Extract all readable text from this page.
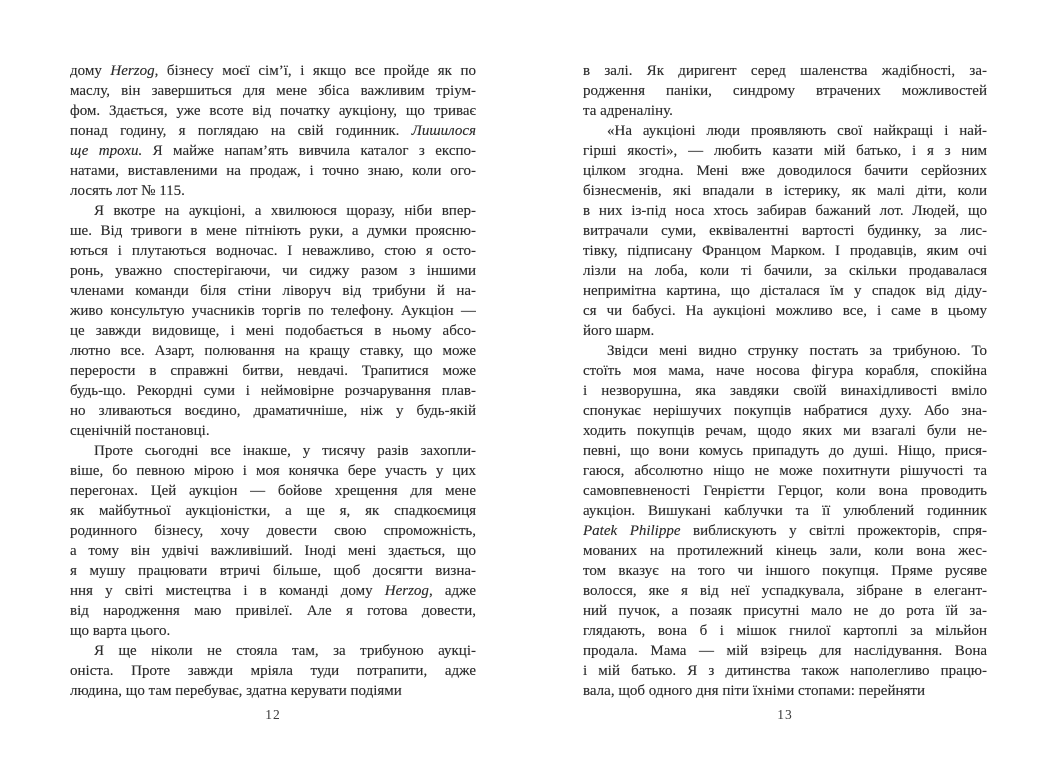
дому Herzog, бізнесу моєї сім’ї, і якщо все пройде як по
маслу, він завершиться для мене збіса важливим тріум-
фом. Здається, уже всоте від початку аукціону, що триває
понад годину, я поглядаю на свій годинник. Лишилося
ще трохи. Я майже напам’ять вивчила каталог з експо-
натами, виставленими на продаж, і точно знаю, коли ого-
лосять лот № 115.
Я вкотре на аукціоні, а хвилююся щоразу, ніби впер-
ше. Від тривоги в мене пітніють руки, а думки проясню-
ються і плутаються водночас. І неважливо, стою я осто-
ронь, уважно спостерігаючи, чи сиджу разом з іншими
членами команди біля стіни ліворуч від трибуни й на-
живо консультую учасників торгів по телефону. Аукціон —
це завжди видовище, і мені подобається в ньому абсо-
лютно все. Азарт, полювання на кращу ставку, що може
перерости в справжні битви, невдачі. Трапитися може
будь-що. Рекордні суми і неймовірне розчарування плав-
но зливаються воєдино, драматичніше, ніж у будь-якій
сценічній постановці.
Проте сьогодні все інакше, у тисячу разів захопли-
віше, бо певною мірою і моя конячка бере участь у цих
перегонах. Цей аукціон — бойове хрещення для мене
як майбутньої аукціоністки, а ще я, як спадкоємиця
родинного бізнесу, хочу довести свою спроможність,
а тому він удвічі важливіший. Іноді мені здається, що
я мушу працювати втричі більше, щоб досягти визна-
ння у світі мистецтва і в команді дому Herzog, адже
від народження маю привілеї. Але я готова довести,
що варта цього.
Я ще ніколи не стояла там, за трибуною аукці-
оніста. Проте завжди мріяла туди потрапити, адже
людина, що там перебуває, здатна керувати подіями
12
в залі. Як диригент серед шаленства жадібності, за-
родження паніки, синдрому втрачених можливостей
та адреналіну.
«На аукціоні люди проявляють свої найкращі і най-
гірші якості», — любить казати мій батько, і я з ним
цілком згодна. Мені вже доводилося бачити серйозних
бізнесменів, які впадали в істерику, як малі діти, коли
в них із-під носа хтось забирав бажаний лот. Людей, що
витрачали суми, еквівалентні вартості будинку, за лис-
тівку, підписану Францом Марком. І продавців, яким очі
лізли на лоба, коли ті бачили, за скільки продавалася
непримітна картина, що дісталася їм у спадок від діду-
ся чи бабусі. На аукціоні можливо все, і саме в цьому
його шарм.
Звідси мені видно струнку постать за трибуною. То
стоїть моя мама, наче носова фігура корабля, спокійна
і незворушна, яка завдяки своїй винахідливості вміло
спонукає нерішучих покупців набратися духу. Або зна-
ходить покупців речам, щодо яких ми взагалі були не-
певні, що вони комусь припадуть до душі. Ніщо, прися-
гаюся, абсолютно ніщо не може похитнути рішучості та
самовпевненості Генрієтти Герцог, коли вона проводить
аукціон. Вишукані каблучки та її улюблений годинник
Patek Philippe виблискують у світлі прожекторів, спря-
мованих на протилежний кінець зали, коли вона жес-
том вказує на того чи іншого покупця. Пряме русяве
волосся, яке я від неї успадкувала, зібране в елегант-
ний пучок, а позаяк присутні мало не до рота їй за-
глядають, вона б і мішок гнилої картоплі за мільйон
продала. Мама — мій взірець для наслідування. Вона
і мій батько. Я з дитинства також наполегливо працю-
вала, щоб одного дня піти їхніми стопами: перейняти
13
